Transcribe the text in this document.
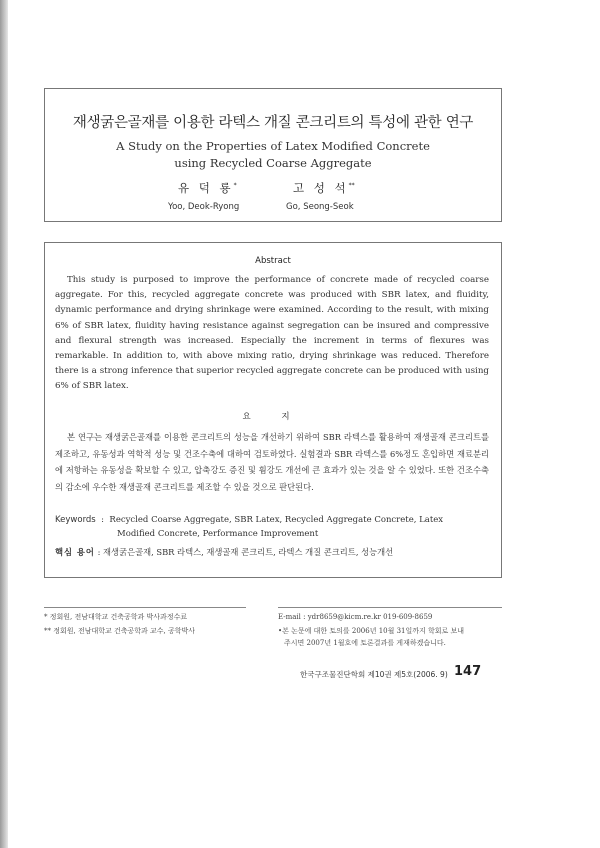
재생굵은골재를 이용한 라텍스 개질 콘크리트의 특성에 관한 연구
A Study on the Properties of Latex Modified Concrete
using Recycled Coarse Aggregate
유 덕 룡*	고 성 석**
Yoo, Deok-Ryong	Go, Seong-Seok
Abstract
This study is purposed to improve the performance of concrete made of recycled coarse aggregate. For this, recycled aggregate concrete was produced with SBR latex, and fluidity, dynamic performance and drying shrinkage were examined. According to the result, with mixing 6% of SBR latex, fluidity having resistance against segregation can be insured and compressive and flexural strength was increased. Especially the increment in terms of flexures was remarkable. In addition to, with above mixing ratio, drying shrinkage was reduced. Therefore there is a strong inference that superior recycled aggregate concrete can be produced with using 6% of SBR latex.
요 지
본 연구는 재생굵은골재를 이용한 콘크리트의 성능을 개선하기 위하여 SBR 라텍스를 활용하여 재생골재 콘크리트를 제조하고, 유동성과 역학적 성능 및 건조수축에 대하여 검토하였다. 실험결과 SBR 라텍스를 6%정도 혼입하면 재료분리에 저항하는 유동성을 확보할 수 있고, 압축강도 증진 및 휨강도 개선에 큰 효과가 있는 것을 알 수 있었다. 또한 건조수축의 감소에 우수한 재생골재 콘크리트를 제조할 수 있을 것으로 판단된다.
Keywords  :  Recycled Coarse Aggregate, SBR Latex, Recycled Aggregate Concrete, Latex
Modified Concrete, Performance Improvement
핵심 용어 : 재생굵은골재, SBR 라텍스, 재생골재 콘크리트, 라텍스 개질 콘크리트, 성능개선
* 정회원, 전남대학교 건축공학과 박사과정수료
** 정회원, 전남대학교 건축공학과 교수, 공학박사
E-mail : ydr8659@kicm.re.kr 019-609-8659
•본 논문에 대한 토의를 2006년 10월 31일까지 학회로 보내
주시면 2007년 1월호에 토론결과를 게재하겠습니다.
한국구조물진단학회 제10권 제5호(2006. 9) 147
